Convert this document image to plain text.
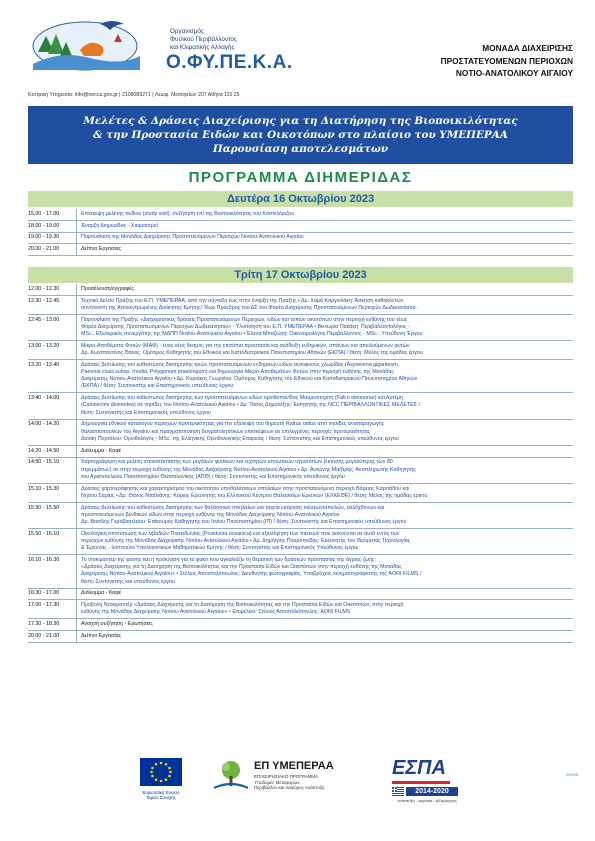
Οργανισμός
Φυσικού Περιβάλλοντος
και Κλιματικής Αλλαγής
Ο.ΦΥ.ΠΕ.Κ.Α.
Κεντρική Υπηρεσία: info@necca.gov.gr | 2108089271 | Λεωφ. Μεσογείων 207 Αθήνα 115 25
ΜΟΝΑΔΑ ΔΙΑΧΕΙΡΙΣΗΣ
ΠΡΟΣΤΑΤΕΥΟΜΕΝΩΝ ΠΕΡΙΟΧΩΝ
ΝΟΤΙΟ-ΑΝΑΤΟΛΙΚΟΥ ΑΙΓΑΙΟΥ
Μελέτες & Δράσεις Διαχείρισης για τη Διατήρηση της Βιοποικιλότητας
& την Προστασία Ειδών και Οικοτόπων στο πλαίσιο του ΥΜΕΠΕΡΑΑ
Παρουσίαση αποτελεσμάτων
ΠΡΟΓΡΑΜΜΑ ΔΙΗΜΕΡΙΔΑΣ
Δευτέρα 16 Οκτωβρίου 2023
15.00 - 17.00	Επίσκεψη μελέτης πεδίου (study visit), συζήτηση επί της Βιοποικιλότητας του Καστελόριζου
18.00 - 19.00	Έναρξη Διημερίδας - Χαιρετισμοί
19.00 - 19.30	Παρουσίαση της Μονάδας Διαχείρισης Προστατευόμενων Περιοχών Νοτίου-Ανατολικού Αιγαίου
20.00 - 21.00	Δείπνο Εργασίας
Τρίτη 17 Οκτωβρίου 2023
12.00 - 12.30	Προσέλευση/εγγραφές
12.30 - 12.45	Τεχνικό Δελτίο Πράξης του Ε.Π. ΥΜΕΠΕΡΑΑ, από την σύνταξη έως στην έναρξη της Πράξης • Δρ. Χαρά Καργιολάκη: Άσκηση καθηκόντων
συντονιστή της Αποκεντρωμένης Διοίκησης Κρήτης/ Τέως Πρόεδρος του ΔΣ του Φορέα Διαχείρισης Προστατευόμενων Περιοχών Δωδεκανήσου.
12:45 - 13.00	Παρουσίαση της Πράξης «Διαχειριστικές δράσεις Προστατευόμενων Περιοχών, ειδών και τύπων οικοτόπων στην περιοχή ευθύνης του τέως
Φορέα Διαχείρισης Προστατευόμενων Περιοχών Δωδεκανήσου» - Υλοποίηση του Ε.Π. ΥΜΕΠΕΡΑΑ • Βικτωρία Πακάκη: Περιβαλλοντολόγος -
MSc., Εξωτερικός συνεργάτης της ΜΔΠΠ Νοτίου-Ανατολικού Αιγαίου • Έλενα Μπαζιώτη: Οικονομολόγος Περιβάλλοντος - MSc., Υπεύθυνη Έργου
13.00 - 13.20	Μικρο-Αποθέματα Φυτών (ΜΑΦ) - ένας νέος θεσμός για την επιτόπια προστασία και ανάδειξη ενδημικών, σπάνιων και απειλούμενων φυτών
Δρ. Κωνσταντίνος Θάνος: Ομότιμος Καθηγητής του Εθνικού και Καποδιστριακού Πανεπιστημίου Αθηνών (ΕΚΠΑ) / θέση: Μέλος της ομάδας έργου
13.20 - 13.40	Δράσεις βελτίωσης του καθεστώτος διατήρησης τριών προστατευόμενων ενδημικών ειδών αυτοφυούς χλωρίδας (Asyneuma giganteum,
Paeonia clusii subsp. rhodia, Polygonum praelongum) και δημιουργία Μικρο-Αποθεμάτων Φυτών στην περιοχή ευθύνης της Μονάδας
Διαχείρισης Νοτίου-Ανατολικού Αιγαίου • Δρ. Κυριάκος Γεωργίου: Ομότιμος Καθηγητής του Εθνικού και Καποδιστριακού Πανεπιστημίου Αθηνών
(ΕΚΠΑ) / θέση: Συντονιστής και Επιστημονικός υπεύθυνος έργου
13:40 - 14.00	Δράσεις βελτίωσης του καθεστώτος διατήρησης των προστατευόμενων ειδών ορνιθοπανίδας Μαυροπετρίτη (Falco eleonorae) και Αρτέμη
(Calonectris diomedea) σε νησίδες του Νοτίου-Ανατολικού Αιγαίου • Δρ. Τάσος Δημαλέξης: Εισηγητής της NCC ΠΕΡΙΒΑΛΛΟΝΤΙΚΕΣ ΜΕΛΕΤΕΣ /
θέση: Συντονιστής και Επιστημονικός υπεύθυνος έργου
14:00 - 14.20	Δημιουργία εθνικού καταλόγου περιοχών προτεραιότητας για την εξάλειψη του θηρευτή Rattus rattus από νησίδες αναπαραγωγής
θαλασσοπουλιών του Αιγαίου και πραγματοποίηση δειγματοληπτικών επισκέψεων σε επιλεγμένες περιοχές προτεραιότητας
Δανάη Πορτόλου: Ορνιθολόγος - MSc. της Ελληνικής Ορνιθολογικής Εταιρείας / θέση: Συντονιστής και Επιστημονικός υπεύθυνος έργου
14.20 - 14.50	Διάλειμμα - Καφέ
14:50 - 15.10	Χαρτογράφηση και μελέτη αποκατάστασης των μεγάλων φυσικών και τεχνητών υποωτικών υγροτόπων (έκτασης μεγαλύτερης των 80
στρεμμάτων) σε στην περιοχή ευθύνης της Μονάδας Διαχείρισης Νοτίου-Ανατολικού Αιγαίου • Δρ. Αντώνης Μαζάρης: Αναπληρωτής Καθηγητής
του Αριστοτελείου Πανεπιστημίου Θεσσαλονίκης (ΑΠΘ) / θέση: Συντονιστής και Επιστημονικός υπεύθυνος έργου
15.10 - 15.30	Δράσεις χαρτογράφησης και χαρακτηρισμού του οικότοπου υποθαλάσσιων σπηλαίων στην προστατευόμενη περιοχή Βόρειας Καρπάθου και
Νήσου Σαρίας • Δρ. Θάνος Νταϊλιάνης: Κύριος Ερευνητής του Ελληνικού Κέντρου Θαλασσίων Ερευνών (ΕΛΚΕΘΕ) / θέση: Μέλος της ομάδας έργου
15:30 - 15.50	Δράσεις βελτίωσης του καθεστώτος διατήρησης των θαλάσσιων σπηλαίων και ταχεία εκτίμηση πιέσεων/απειλών, αλλόχθονων και
προστατευόμενων βενθικών ειδών στην περιοχή ευθύνης της Μονάδας Διαχείρισης Νοτίου-Ανατολικού Αιγαίου
Δρ. Βασίλης Γεροβασιλείου: Επίκουρος Καθηγητής του Ιονίου Πανεπιστημίου (ΙΠ) / θέση: Συντονιστής και Επιστημονικός υπεύθυνος έργου
15.50 - 16.10	Οικολογική αποτύπωση των λιβαδιών Ποσειδωνίας (Posidonia oceanica) και αξιολόγηση των πιέσεων που ασκούνται σε αυτά εντός των
περιοχών ευθύνης της Μονάδας Διαχείρισης Νοτίου-Ανατολικού Αιγαίου • Δρ. Δημήτρης Πουρσανίδης: Ερευνητής του Ιδρύματος Τεχνολογίας
& Έρευνας - Ινστιτούτο Υπολογιστικών Μαθηματικών Κρήτης / θέση: Συντονιστής και Επιστημονικός Υπεύθυνος έργου
16:10 - 16.30	Το ντοκιμαντέρ της φύσης και η πρόκληση για το φακό που αγκαλιάζει τη θεματική των δράσεων προστασίας της άγριας ζωής:
«Δράσεις Διαχείρισης για τη Διατήρηση της Βιοποικιλότητας και την Προστασία Ειδών και Οικοτόπων στην περιοχή ευθύνης της Μονάδας
Διαχείρισης Νοτίου-Ανατολικού Αιγαίου» • Στέλιος Αποστολόπουλος: Διευθυντής φωτογραφίας, Υποβρύχιος κινηματογραφιστής της AORI FILMS /
θέση: Συντονιστής και υπεύθυνος έργου
16:30 - 17.00	Διάλειμμα - Καφέ
17.00 - 17.30	Προβολή Ντοκιμαντέρ «Δράσεις Διαχείρισης για τη Διατήρηση της Βιοποικιλότητας και την Προστασία Ειδών και Οικοτόπων, στην περιοχή
ευθύνης της Μονάδας Διαχείρισης Νοτίου-Ανατολικού Αιγαίου» • Επιμέλεια: Στέλιος Αποστολόπουλος, AORI FILMS
17.30 - 18.30	Ανοιχτή συζήτηση - Ερωτήσεις
20.00 - 21.00	Δείπνο Εργασίας
Ευρωπαϊκή Ένωση
Ταμείο Συνοχής
ΕΠ ΥΜΕΠΕΡΑΑ
ΕΠΙΧΕΙΡΗΣΙΑΚΟ ΠΡΟΓΡΑΜΜΑ
Υποδομές Μεταφορών,
Περιβάλλον και Αειφόρος Ανάπτυξη
ΕΣΠΑ
2014-2020
ανάπτυξη - εργασία - αλληλεγγύη
Greek
